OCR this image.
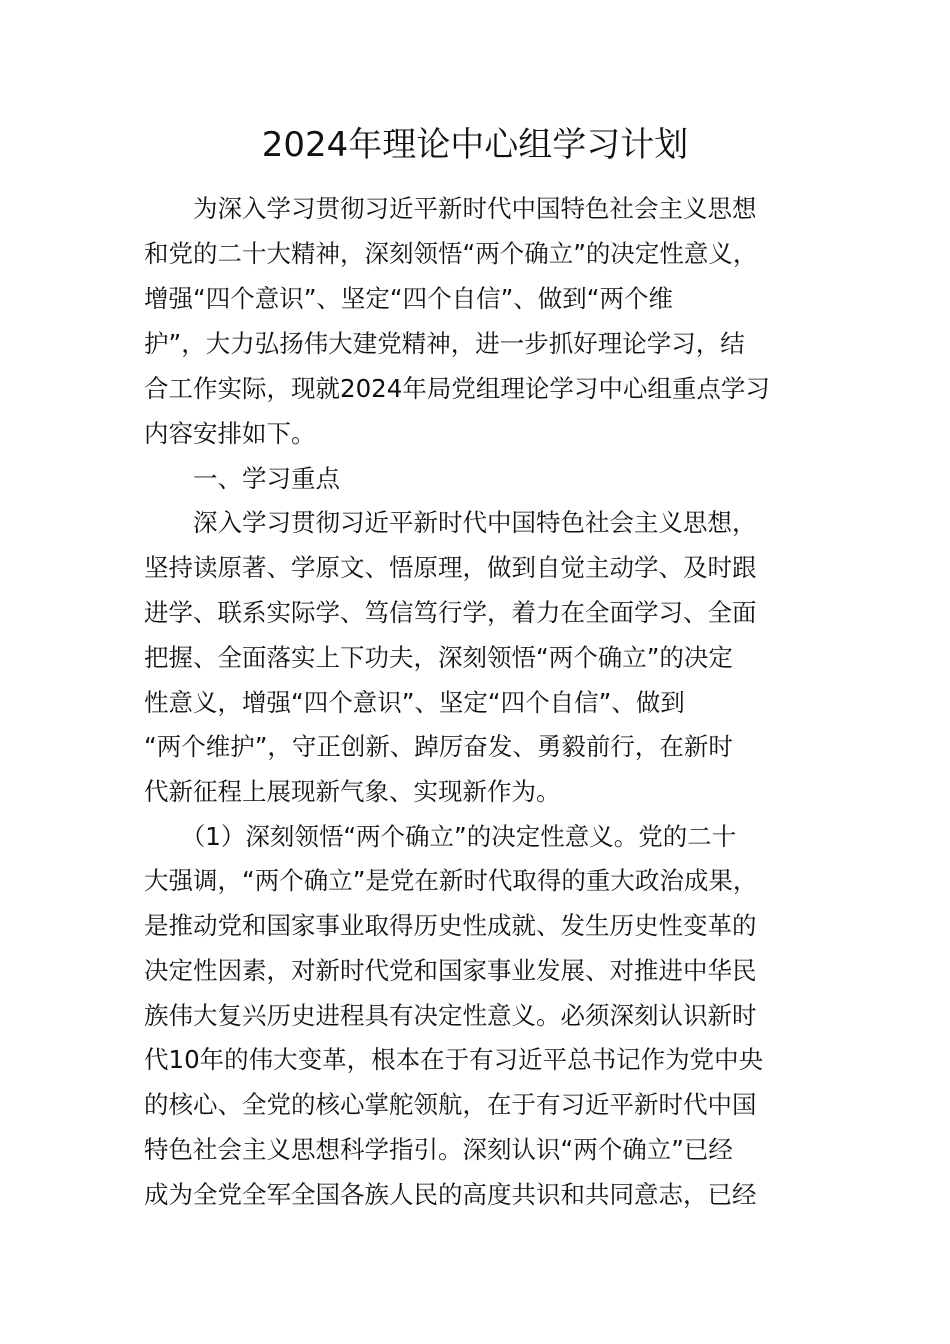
2024年理论中心组学习计划

　　为深入学习贯彻习近平新时代中国特色社会主义思想

和党的二十大精神，深刻领悟“两个确立”的决定性意义，

增强“四个意识”、坚定“四个自信”、做到“两个维

护”，大力弘扬伟大建党精神，进一步抓好理论学习，结

合工作实际，现就2024年局党组理论学习中心组重点学习

内容安排如下。

　　一、学习重点

　　深入学习贯彻习近平新时代中国特色社会主义思想，

坚持读原著、学原文、悟原理，做到自觉主动学、及时跟

进学、联系实际学、笃信笃行学，着力在全面学习、全面

把握、全面落实上下功夫，深刻领悟“两个确立”的决定

性意义，增强“四个意识”、坚定“四个自信”、做到

“两个维护”，守正创新、踔厉奋发、勇毅前行，在新时

代新征程上展现新气象、实现新作为。

　　（1）深刻领悟“两个确立”的决定性意义。党的二十

大强调，“两个确立”是党在新时代取得的重大政治成果，

是推动党和国家事业取得历史性成就、发生历史性变革的

决定性因素，对新时代党和国家事业发展、对推进中华民

族伟大复兴历史进程具有决定性意义。必须深刻认识新时

代10年的伟大变革，根本在于有习近平总书记作为党中央

的核心、全党的核心掌舵领航，在于有习近平新时代中国

特色社会主义思想科学指引。深刻认识“两个确立”已经

成为全党全军全国各族人民的高度共识和共同意志，已经
